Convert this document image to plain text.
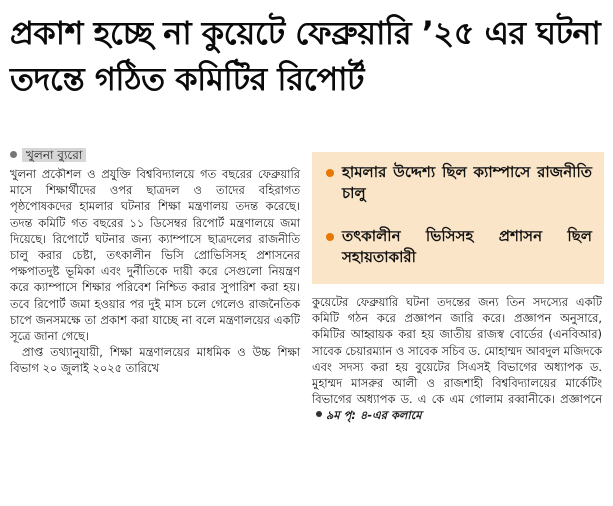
প্রকাশ হচ্ছে না কুয়েটে ফেব্রুয়ারি ’২৫ এর ঘটনা তদন্তে গঠিত কমিটির রিপোর্ট
খুলনা ব্যুরো

খুলনা প্রকৌশল ও প্রযুক্তি বিশ্ববিদ্যালয়ে গত বছরের ফেব্রুয়ারি মাসে শিক্ষার্থীদের ওপর ছাত্রদল ও তাদের বহিরাগত পৃষ্ঠপোষকদের হামলার ঘটনার শিক্ষা মন্ত্রণালয় তদন্ত করেছে। তদন্ত কমিটি গত বছরের ১১ ডিসেম্বর রিপোর্ট মন্ত্রণালয়ে জমা দিয়েছে। রিপোর্টে ঘটনার জন্য ক্যাম্পাসে ছাত্রদলের রাজনীতি চালু করার চেষ্টা, তৎকালীন ভিসি প্রোভিসিসহ প্রশাসনের পক্ষপাতদুষ্ট ভূমিকা এবং দুর্নীতিকে দায়ী করে সেগুলো নিয়ন্ত্রণ করে ক্যাম্পাসে শিক্ষার পরিবেশ নিশ্চিত করার সুপারিশ করা হয়। তবে রিপোর্ট জমা হওয়ার পর দুই মাস চলে গেলেও রাজনৈতিক চাপে জনসমক্ষে তা প্রকাশ করা যাচ্ছে না বলে মন্ত্রণালয়ের একটি সূত্রে জানা গেছে।

প্রাপ্ত তথ্যানুযায়ী, শিক্ষা মন্ত্রণালয়ের মাধমিক ও উচ্চ শিক্ষা বিভাগ ২০ জুলাই ২০২৫ তারিখে

হামলার উদ্দেশ্য ছিল ক্যাম্পাসে রাজনীতি চালু
তৎকালীন ভিসিসহ প্রশাসন ছিল সহায়তাকারী

কুয়েটের ফেব্রুয়ারি ঘটনা তদন্তের জন্য তিন সদস্যের একটি কমিটি গঠন করে প্রজ্ঞাপন জারি করে। প্রজ্ঞাপন অনুসারে, কমিটির আহ্বায়ক করা হয় জাতীয় রাজস্ব বোর্ডের (এনবিআর) সাবেক চেয়ারম্যান ও সাবেক সচিব ড. মোহাম্মদ আবদুল মজিদকে এবং সদস্য করা হয় বুয়েটের সিএসই বিভাগের অধ্যাপক ড. মুহাম্মদ মাসরুর আলী ও রাজশাহী বিশ্ববিদ্যালয়ের মার্কেটিং বিভাগের অধ্যাপক ড. এ কে এম গোলাম রব্বানীকে। প্রজ্ঞাপনে৯ম পৃ: ৪-এর কলামে
